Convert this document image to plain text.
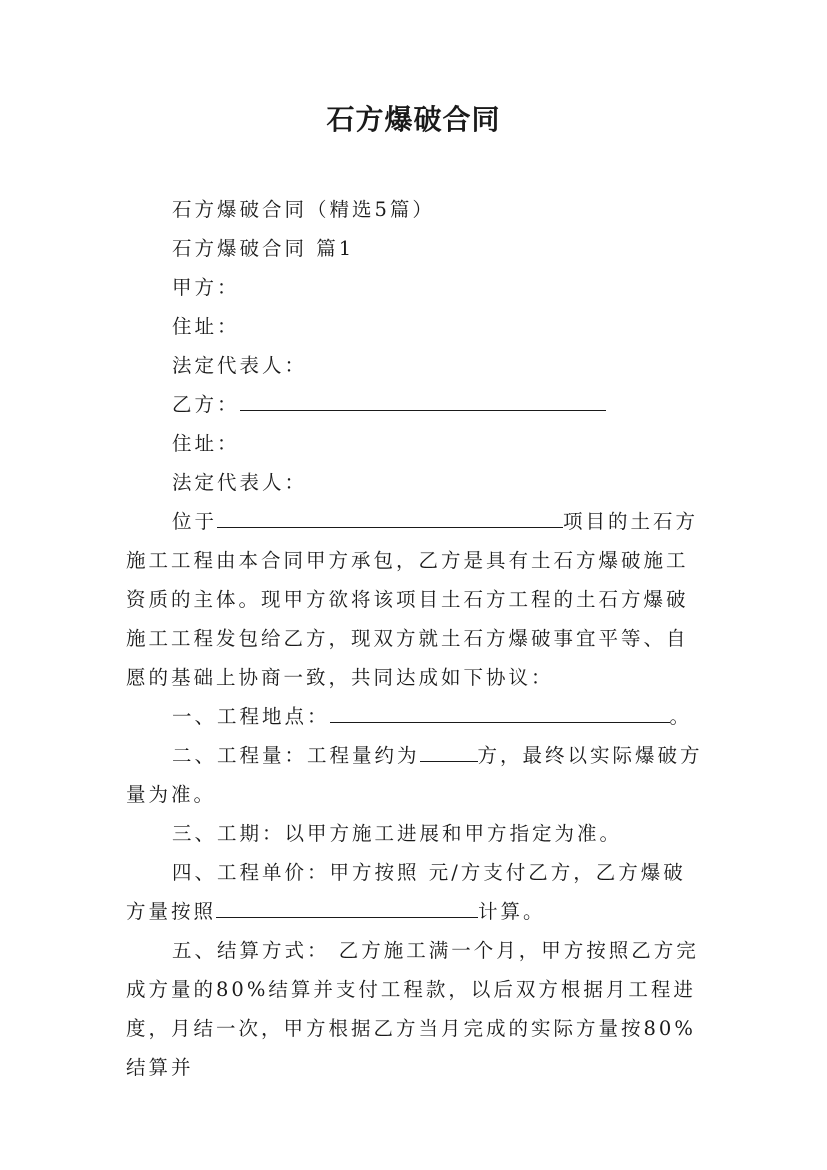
石方爆破合同

石方爆破合同（精选5篇）

石方爆破合同 篇1

甲方：

住址：

法定代表人：

乙方：

住址：

法定代表人：

位于	项目的土石方施工工程由本合同甲方承包，乙方是具有土石方爆破施工资质的主体。现甲方欲将该项目土石方工程的土石方爆破施工工程发包给乙方，现双方就土石方爆破事宜平等、自愿的基础上协商一致，共同达成如下协议：

一、工程地点：	。

二、工程量：工程量约为	方，最终以实际爆破方量为准。

三、工期：以甲方施工进展和甲方指定为准。

四、工程单价：甲方按照 元/方支付乙方，乙方爆破方量按照	计算。

五、结算方式： 乙方施工满一个月，甲方按照乙方完成方量的80%结算并支付工程款，以后双方根据月工程进度，月结一次，甲方根据乙方当月完成的实际方量按80%结算并
